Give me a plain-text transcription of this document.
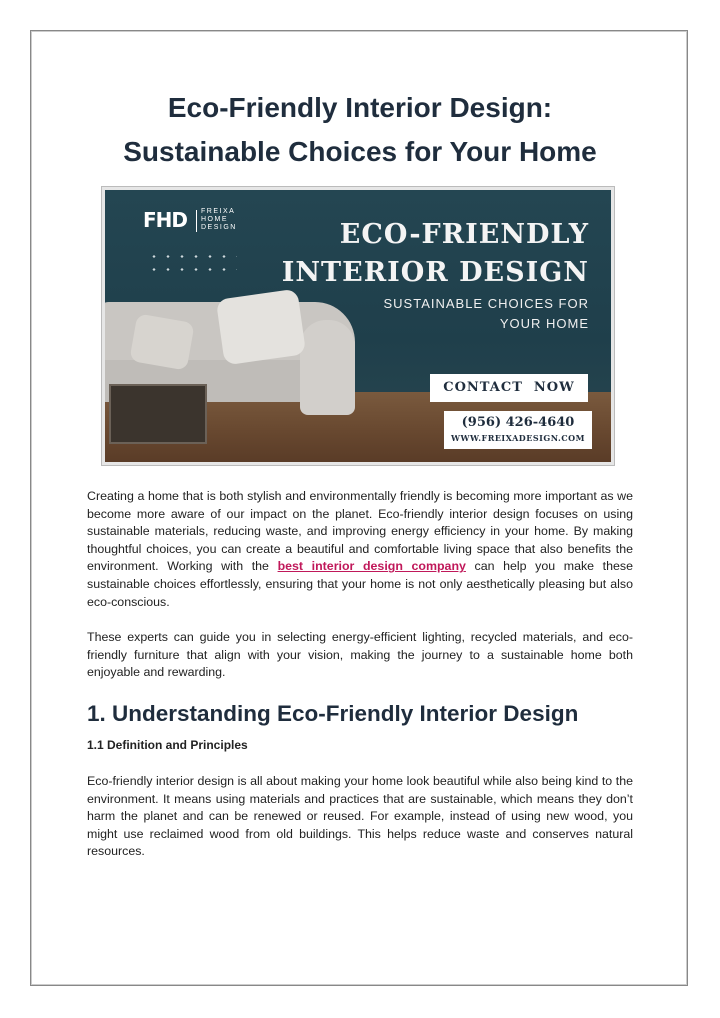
Eco-Friendly Interior Design:
Sustainable Choices for Your Home
FHD FREIXA
HOME
DESIGN	ECO-FRIENDLY
INTERIOR DESIGN
SUSTAINABLE CHOICES FOR
YOUR HOME
CONTACT  NOW
(956) 426-4640
WWW.FREIXADESIGN.COM
Creating a home that is both stylish and environmentally friendly is becoming more important as we become more aware of our impact on the planet. Eco-friendly interior design focuses on using sustainable materials, reducing waste, and improving energy efficiency in your home. By making thoughtful choices, you can create a beautiful and comfortable living space that also benefits the environment. Working with the best interior design company can help you make these sustainable choices effortlessly, ensuring that your home is not only aesthetically pleasing but also eco-conscious.
These experts can guide you in selecting energy-efficient lighting, recycled materials, and eco-friendly furniture that align with your vision, making the journey to a sustainable home both enjoyable and rewarding.
1. Understanding Eco-Friendly Interior Design
1.1 Definition and Principles
Eco-friendly interior design is all about making your home look beautiful while also being kind to the environment. It means using materials and practices that are sustainable, which means they don’t harm the planet and can be renewed or reused. For example, instead of using new wood, you might use reclaimed wood from old buildings. This helps reduce waste and conserves natural resources.
